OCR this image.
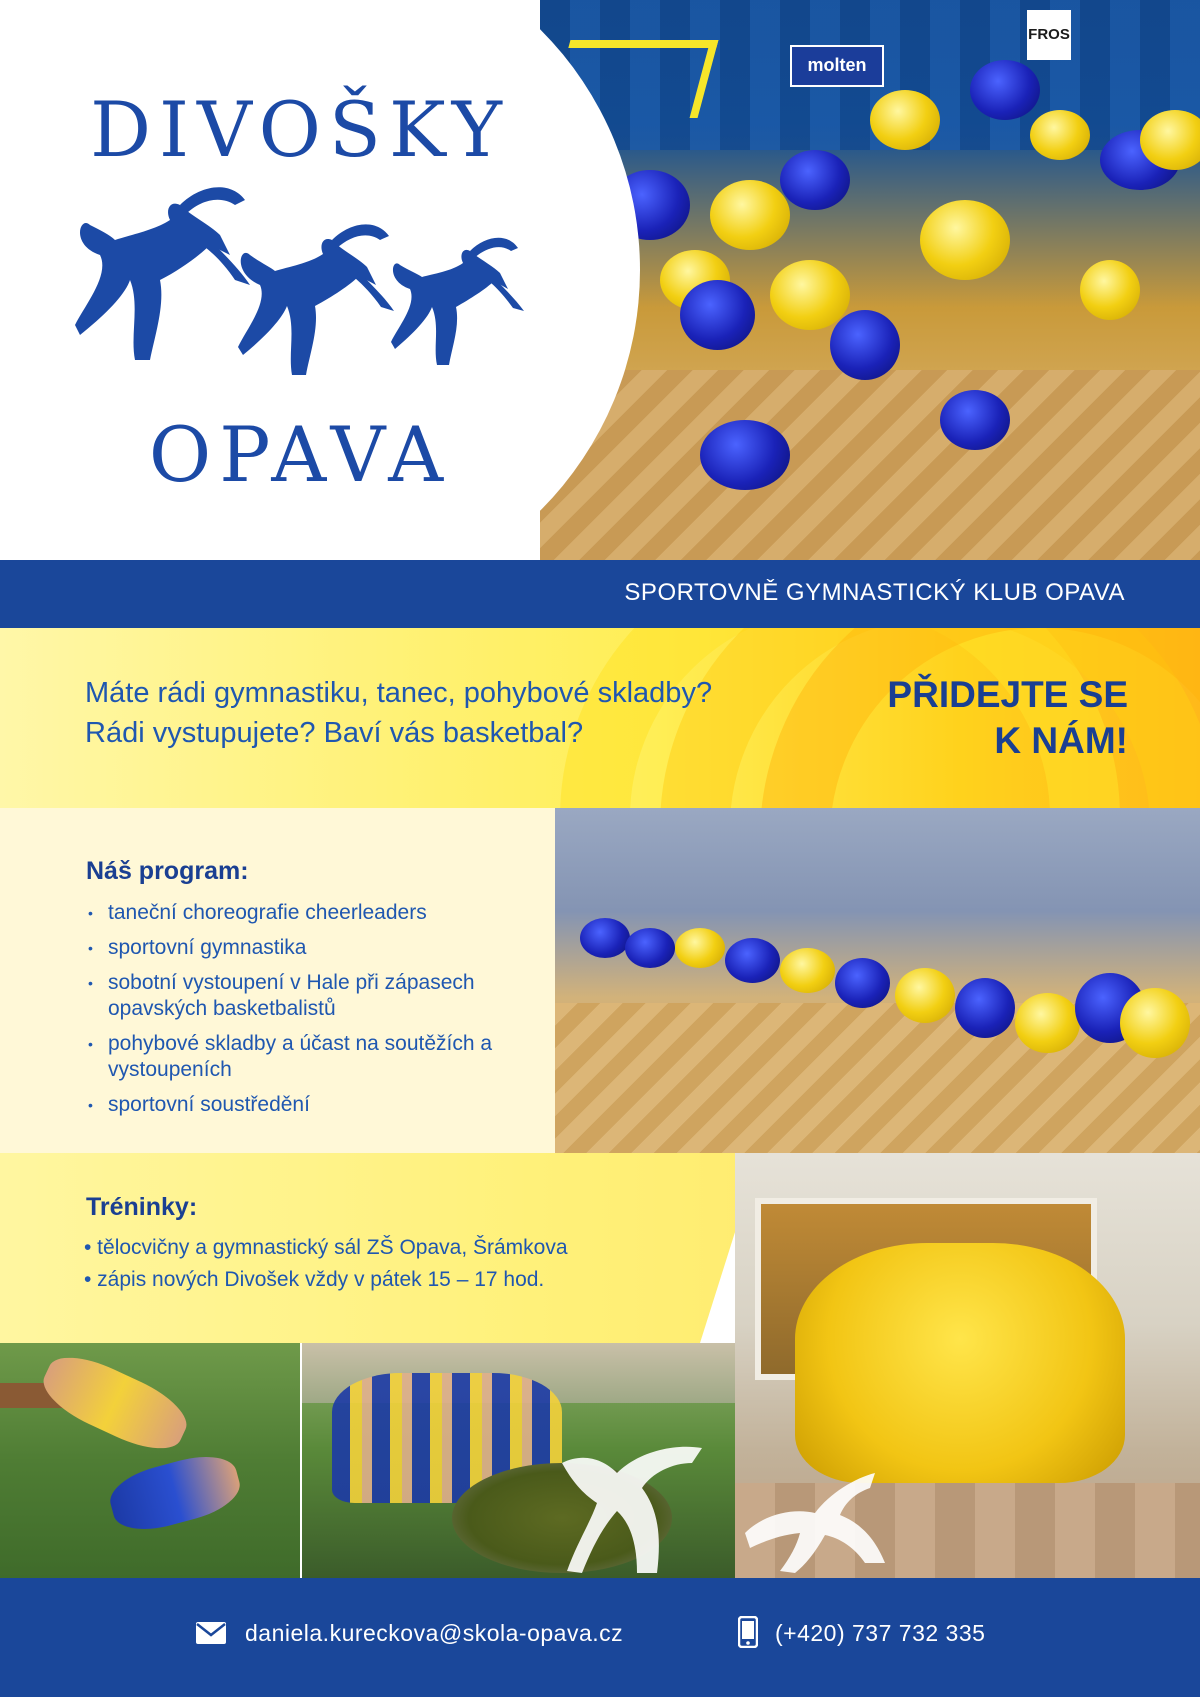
molten
FROS
DIVOŠKY
OPAVA
SPORTOVNĚ GYMNASTICKÝ KLUB OPAVA
Máte rádi gymnastiku, tanec, pohybové skladby?
Rádi vystupujete? Baví vás basketbal?
PŘIDEJTE SE
K NÁM!
Náš program:
• taneční choreografie cheerleaders
• sportovní gymnastika
• sobotní vystoupení v Hale při zápasech opavských basketbalistů
• pohybové skladby a účast na soutěžích a vystoupeních
• sportovní soustředění
Tréninky:
• tělocvičny a gymnastický sál ZŠ Opava, Šrámkova
• zápis nových Divošek vždy v pátek 15 – 17 hod.
daniela.kureckova@skola-opava.cz	(+420) 737 732 335
